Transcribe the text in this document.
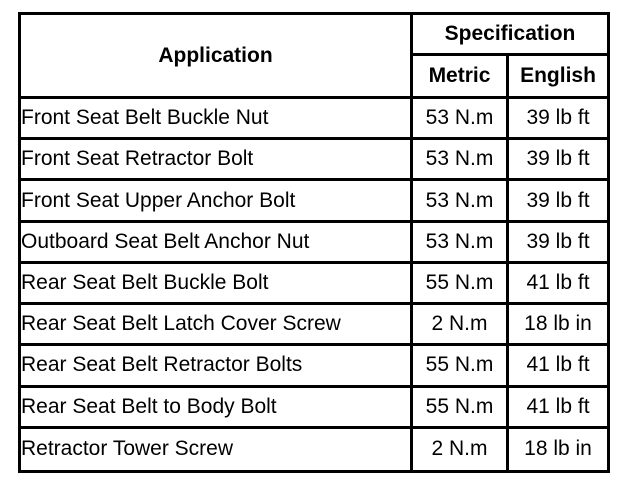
Application	Specification	
	Metric	English
Front Seat Belt Buckle Nut	53 N.m	39 lb ft
Front Seat Retractor Bolt	53 N.m	39 lb ft
Front Seat Upper Anchor Bolt	53 N.m	39 lb ft
Outboard Seat Belt Anchor Nut	53 N.m	39 lb ft
Rear Seat Belt Buckle Bolt	55 N.m	41 lb ft
Rear Seat Belt Latch Cover Screw	2 N.m	18 lb in
Rear Seat Belt Retractor Bolts	55 N.m	41 lb ft
Rear Seat Belt to Body Bolt	55 N.m	41 lb ft
Retractor Tower Screw	2 N.m	18 lb in
